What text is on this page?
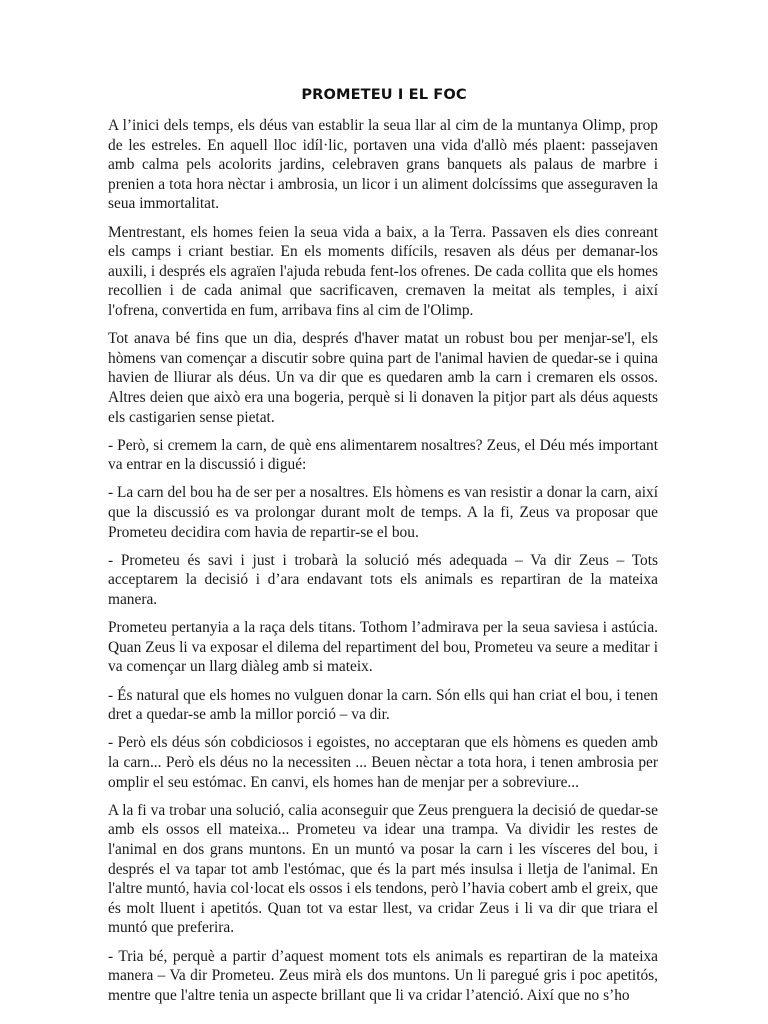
PROMETEU I EL FOC

A l’inici dels temps, els déus van establir la seua llar al cim de la muntanya Olimp, prop de les estreles. En aquell lloc idíl·lic, portaven una vida d'allò més plaent: passejaven amb calma pels acolorits jardins, celebraven grans banquets als palaus de marbre i prenien a tota hora nèctar i ambrosia, un licor i un aliment dolcíssims que asseguraven la seua immortalitat.

Mentrestant, els homes feien la seua vida a baix, a la Terra. Passaven els dies conreant els camps i criant bestiar. En els moments difícils, resaven als déus per demanar-los auxili, i després els agraïen l'ajuda rebuda fent-los ofrenes. De cada collita que els homes recollien i de cada animal que sacrificaven, cremaven la meitat als temples, i així l'ofrena, convertida en fum, arribava fins al cim de l'Olimp.

Tot anava bé fins que un dia, després d'haver matat un robust bou per menjar-se'l, els hòmens van començar a discutir sobre quina part de l'animal havien de quedar-se i quina havien de lliurar als déus. Un va dir que es quedaren amb la carn i cremaren els ossos. Altres deien que això era una bogeria, perquè si li donaven la pitjor part als déus aquests els castigarien sense pietat.

- Però, si cremem la carn, de què ens alimentarem nosaltres? Zeus, el Déu més important va entrar en la discussió i digué:

- La carn del bou ha de ser per a nosaltres. Els hòmens es van resistir a donar la carn, així que la discussió es va prolongar durant molt de temps. A la fi, Zeus va proposar que Prometeu decidira com havia de repartir-se el bou.

- Prometeu és savi i just i trobarà la solució més adequada – Va dir Zeus – Tots acceptarem la decisió i d’ara endavant tots els animals es repartiran de la mateixa manera.

Prometeu pertanyia a la raça dels titans. Tothom l’admirava per la seua saviesa i astúcia. Quan Zeus li va exposar el dilema del repartiment del bou, Prometeu va seure a meditar i va començar un llarg diàleg amb si mateix.

- És natural que els homes no vulguen donar la carn. Són ells qui han criat el bou, i tenen dret a quedar-se amb la millor porció – va dir.

- Però els déus són cobdiciosos i egoistes, no acceptaran que els hòmens es queden amb la carn... Però els déus no la necessiten ... Beuen nèctar a tota hora, i tenen ambrosia per omplir el seu estómac. En canvi, els homes han de menjar per a sobreviure...

A la fi va trobar una solució, calia aconseguir que Zeus prenguera la decisió de quedar-se amb els ossos ell mateixa... Prometeu va idear una trampa. Va dividir les restes de l'animal en dos grans muntons. En un muntó va posar la carn i les vísceres del bou, i després el va tapar tot amb l'estómac, que és la part més insulsa i lletja de l'animal. En l'altre muntó, havia col·locat els ossos i els tendons, però l’havia cobert amb el greix, que és molt lluent i apetitós. Quan tot va estar llest, va cridar Zeus i li va dir que triara el muntó que preferira.

- Tria bé, perquè a partir d’aquest moment tots els animals es repartiran de la mateixa manera – Va dir Prometeu. Zeus mirà els dos muntons. Un li paregué gris i poc apetitós, mentre que l'altre tenia un aspecte brillant que li va cridar l’atenció. Així que no s’ho
